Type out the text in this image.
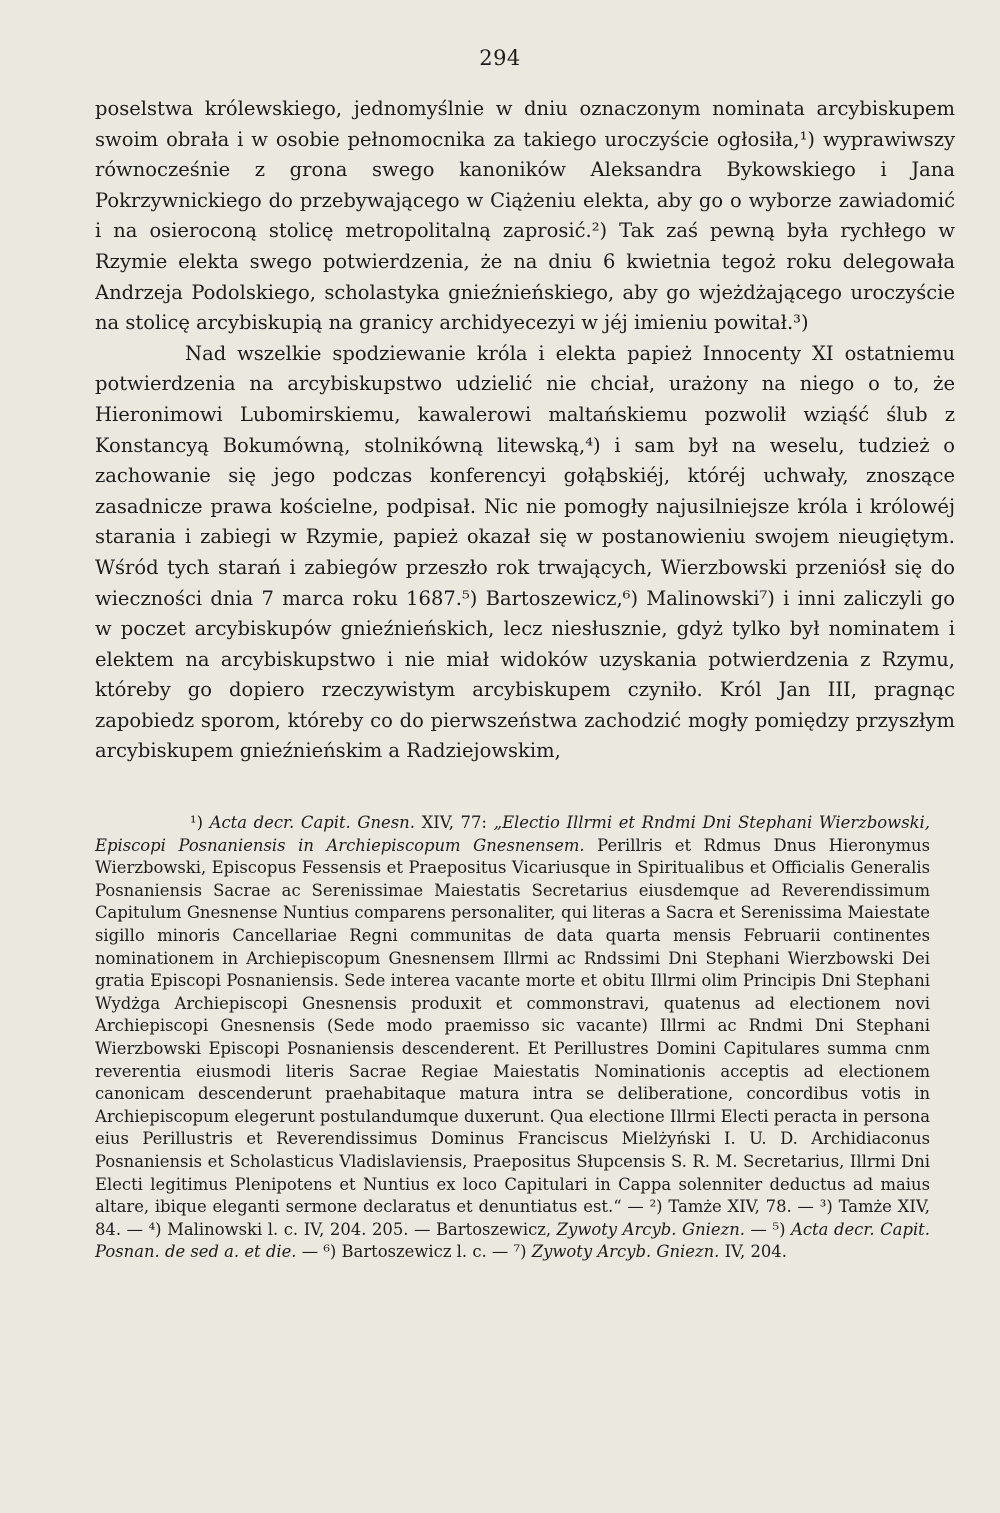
294

poselstwa królewskiego, jednomyślnie w dniu oznaczonym nominata arcybiskupem swoim obrała i w osobie pełnomocnika za takiego uroczyście ogłosiła,¹) wyprawiwszy równocześnie z grona swego kanoników Aleksandra Bykowskiego i Jana Pokrzywnickiego do przebywającego w Ciążeniu elekta, aby go o wyborze zawiadomić i na osieroconą stolicę metropolitalną zaprosić.²) Tak zaś pewną była rychłego w Rzymie elekta swego potwierdzenia, że na dniu 6 kwietnia tegoż roku delegowała Andrzeja Podolskiego, scholastyka gnieźnieńskiego, aby go wjeżdżającego uroczyście na stolicę arcybiskupią na granicy archidyecezyi w jéj imieniu powitał.³)

Nad wszelkie spodziewanie króla i elekta papież Innocenty XI ostatniemu potwierdzenia na arcybiskupstwo udzielić nie chciał, urażony na niego o to, że Hieronimowi Lubomirskiemu, kawalerowi maltańskiemu pozwolił wziąść ślub z Konstancyą Bokumówną, stolnikówną litewską,⁴) i sam był na weselu, tudzież o zachowanie się jego podczas konferencyi gołąbskiéj, któréj uchwały, znoszące zasadnicze prawa kościelne, podpisał. Nic nie pomogły najusilniejsze króla i królowéj starania i zabiegi w Rzymie, papież okazał się w postanowieniu swojem nieugiętym. Wśród tych starań i zabiegów przeszło rok trwających, Wierzbowski przeniósł się do wieczności dnia 7 marca roku 1687.⁵) Bartoszewicz,⁶) Malinowski⁷) i inni zaliczyli go w poczet arcybiskupów gnieźnieńskich, lecz niesłusznie, gdyż tylko był nominatem i elektem na arcybiskupstwo i nie miał widoków uzyskania potwierdzenia z Rzymu, któreby go dopiero rzeczywistym arcybiskupem czyniło. Król Jan III, pragnąc zapobiedz sporom, któreby co do pierwszeństwa zachodzić mogły pomiędzy przyszłym arcybiskupem gnieźnieńskim a Radziejowskim,

¹) Acta decr. Capit. Gnesn. XIV, 77: „Electio Illrmi et Rndmi Dni Stephani Wierzbowski, Episcopi Posnaniensis in Archiepiscopum Gnesnensem. Perillris et Rdmus Dnus Hieronymus Wierzbowski, Episcopus Fessensis et Praepositus Vicariusque in Spiritualibus et Officialis Generalis Posnaniensis Sacrae ac Serenissimae Maiestatis Secretarius eiusdemque ad Reverendissimum Capitulum Gnesnense Nuntius comparens personaliter, qui literas a Sacra et Serenissima Maiestate sigillo minoris Cancellariae Regni communitas de data quarta mensis Februarii continentes nominationem in Archiepiscopum Gnesnensem Illrmi ac Rndssimi Dni Stephani Wierzbowski Dei gratia Episcopi Posnaniensis. Sede interea vacante morte et obitu Illrmi olim Principis Dni Stephani Wydżga Archiepiscopi Gnesnensis produxit et commonstravi, quatenus ad electionem novi Archiepiscopi Gnesnensis (Sede modo praemisso sic vacante) Illrmi ac Rndmi Dni Stephani Wierzbowski Episcopi Posnaniensis descenderent. Et Perillustres Domini Capitulares summa cnm reverentia eiusmodi literis Sacrae Regiae Maiestatis Nominationis acceptis ad electionem canonicam descenderunt praehabitaque matura intra se deliberatione, concordibus votis in Archiepiscopum elegerunt postulandumque duxerunt. Qua electione Illrmi Electi peracta in persona eius Perillustris et Reverendissimus Dominus Franciscus Mielżyński I. U. D. Archidiaconus Posnaniensis et Scholasticus Vladislaviensis, Praepositus Słupcensis S. R. M. Secretarius, Illrmi Dni Electi legitimus Plenipotens et Nuntius ex loco Capitulari in Cappa solenniter deductus ad maius altare, ibique eleganti sermone declaratus et denuntiatus est.“ — ²) Tamże XIV, 78. — ³) Tamże XIV, 84. — ⁴) Malinowski l. c. IV, 204. 205. — Bartoszewicz, Zywoty Arcyb. Gniezn. — ⁵) Acta decr. Capit. Posnan. de sed a. et die. — ⁶) Bartoszewicz l. c. — ⁷) Zywoty Arcyb. Gniezn. IV, 204.
